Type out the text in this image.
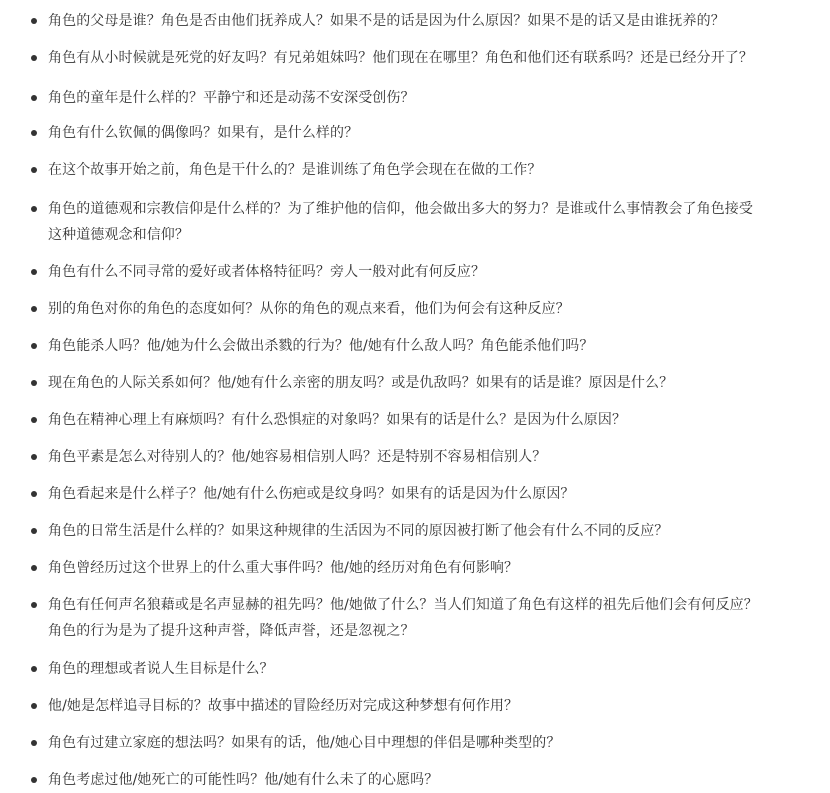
角色的父母是谁？角色是否由他们抚养成人？如果不是的话是因为什么原因？如果不是的话又是由谁抚养的？
角色有从小时候就是死党的好友吗？有兄弟姐妹吗？他们现在在哪里？角色和他们还有联系吗？还是已经分开了？
角色的童年是什么样的？平静宁和还是动荡不安深受创伤？
角色有什么钦佩的偶像吗？如果有，是什么样的？
在这个故事开始之前，角色是干什么的？是谁训练了角色学会现在在做的工作？
角色的道德观和宗教信仰是什么样的？为了维护他的信仰，他会做出多大的努力？是谁或什么事情教会了角色接受
这种道德观念和信仰？
角色有什么不同寻常的爱好或者体格特征吗？旁人一般对此有何反应？
别的角色对你的角色的态度如何？从你的角色的观点来看，他们为何会有这种反应？
角色能杀人吗？他/她为什么会做出杀戮的行为？他/她有什么敌人吗？角色能杀他们吗？
现在角色的人际关系如何？他/她有什么亲密的朋友吗？或是仇敌吗？如果有的话是谁？原因是什么？
角色在精神心理上有麻烦吗？有什么恐惧症的对象吗？如果有的话是什么？是因为什么原因？
角色平素是怎么对待别人的？他/她容易相信别人吗？还是特别不容易相信别人？
角色看起来是什么样子？他/她有什么伤疤或是纹身吗？如果有的话是因为什么原因？
角色的日常生活是什么样的？如果这种规律的生活因为不同的原因被打断了他会有什么不同的反应？
角色曾经历过这个世界上的什么重大事件吗？他/她的经历对角色有何影响？
角色有任何声名狼藉或是名声显赫的祖先吗？他/她做了什么？当人们知道了角色有这样的祖先后他们会有何反应？
角色的行为是为了提升这种声誉，降低声誉，还是忽视之？
角色的理想或者说人生目标是什么？
他/她是怎样追寻目标的？故事中描述的冒险经历对完成这种梦想有何作用？
角色有过建立家庭的想法吗？如果有的话，他/她心目中理想的伴侣是哪种类型的？
角色考虑过他/她死亡的可能性吗？他/她有什么未了的心愿吗？
